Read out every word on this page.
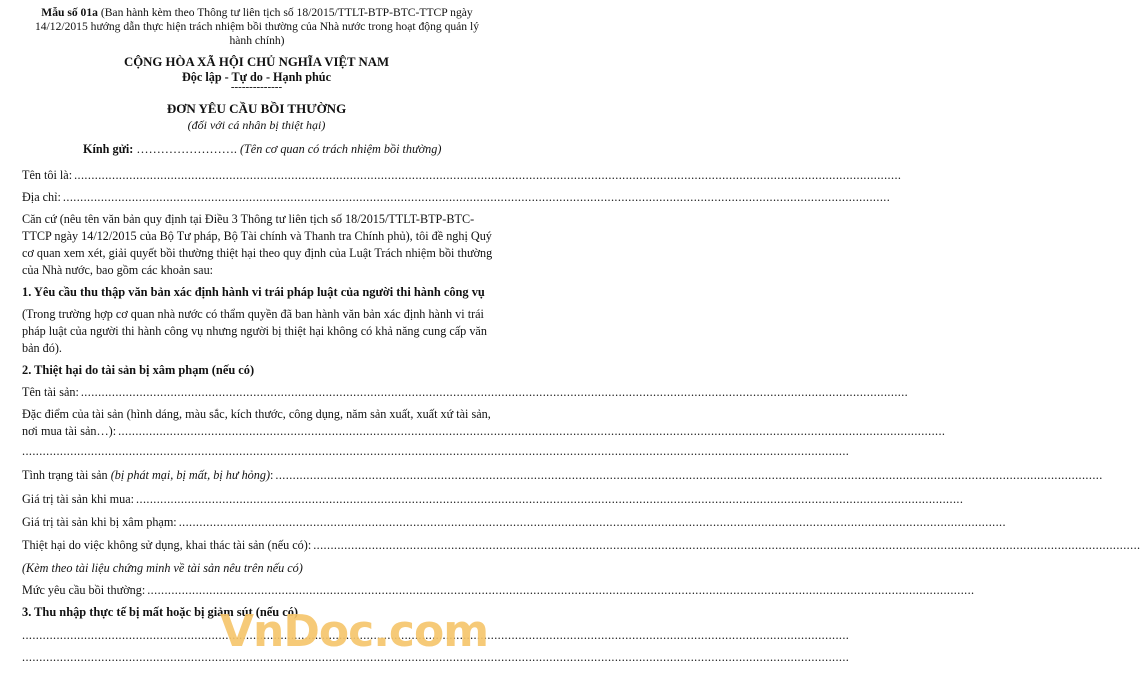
Mẫu số 01a (Ban hành kèm theo Thông tư liên tịch số 18/2015/TTLT-BTP-BTC-TTCP ngày
14/12/2015 hướng dẫn thực hiện trách nhiệm bồi thường của Nhà nước trong hoạt động quản lý
hành chính)
CỘNG HÒA XÃ HỘI CHỦ NGHĨA VIỆT NAM
Độc lập - Tự do - Hạnh phúc
--------------
ĐƠN YÊU CẦU BỒI THƯỜNG
(đối với cá nhân bị thiệt hại)
Kính gửi: ……………………. (Tên cơ quan có trách nhiệm bồi thường)
Tên tôi là: ................................................................................................................................................................................................................................................
Địa chỉ: ................................................................................................................................................................................................................................................
Căn cứ (nêu tên văn bản quy định tại Điều 3 Thông tư liên tịch số 18/2015/TTLT-BTP-BTC-
TTCP ngày 14/12/2015 của Bộ Tư pháp, Bộ Tài chính và Thanh tra Chính phủ), tôi đề nghị Quý
cơ quan xem xét, giải quyết bồi thường thiệt hại theo quy định của Luật Trách nhiệm bồi thường
của Nhà nước, bao gồm các khoản sau:
1. Yêu cầu thu thập văn bản xác định hành vi trái pháp luật của người thi hành công vụ
(Trong trường hợp cơ quan nhà nước có thẩm quyền đã ban hành văn bản xác định hành vi trái
pháp luật của người thi hành công vụ nhưng người bị thiệt hại không có khả năng cung cấp văn
bản đó).
2. Thiệt hại do tài sản bị xâm phạm (nếu có)
Tên tài sản: ................................................................................................................................................................................................................................................
Đặc điểm của tài sản (hình dáng, màu sắc, kích thước, công dụng, năm sản xuất, xuất xứ tài sản,
nơi mua tài sản…): ................................................................................................................................................................................................................................................
................................................................................................................................................................................................................................................
Tình trạng tài sản (bị phát mại, bị mất, bị hư hỏng): ................................................................................................................................................................................................................................................
Giá trị tài sản khi mua: ................................................................................................................................................................................................................................................
Giá trị tài sản khi bị xâm phạm: ................................................................................................................................................................................................................................................
Thiệt hại do việc không sử dụng, khai thác tài sản (nếu có): ................................................................................................................................................................................................................................................
(Kèm theo tài liệu chứng minh về tài sản nêu trên nếu có)
Mức yêu cầu bồi thường: ................................................................................................................................................................................................................................................
3. Thu nhập thực tế bị mất hoặc bị giảm sút (nếu có)
................................................................................................................................................................................................................................................
................................................................................................................................................................................................................................................
VnDoc.com
